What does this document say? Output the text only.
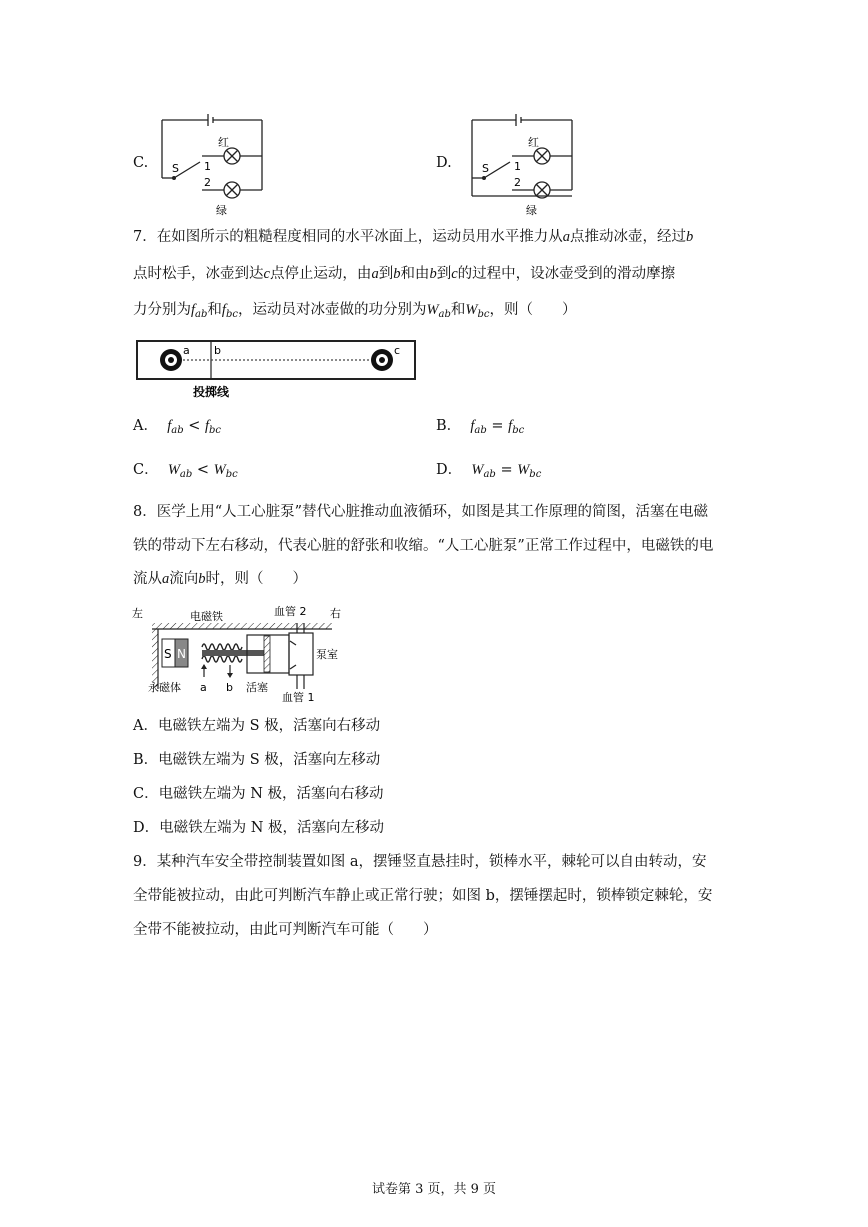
C.
红
绿
S 1
2
D.
红
绿
S 1
2
7．在如图所示的粗糙程度相同的水平冰面上，运动员用水平推力从a点推动冰壶，经过b
点时松手，冰壶到达c点停止运动，由a到b和由b到c的过程中，设冰壶受到的滑动摩擦
力分别为$f_{ab}$和$f_{bc}$，运动员对冰壶做的功分别为$W_{ab}$和$W_{bc}$，则（　　）
a b	c
投掷线
A． $f_{ab} < f_{bc}$	B． $f_{ab} = f_{bc}$
C． $W_{ab} < W_{bc}$	D． $W_{ab} = W_{bc}$
8．医学上用“人工心脏泵”替代心脏推动血液循环，如图是其工作原理的简图，活塞在电磁
铁的带动下左右移动，代表心脏的舒张和收缩。“人工心脏泵”正常工作过程中，电磁铁的电
流从a流向b时，则（　　）
S N
左	右
电磁铁	血管 2
泵室
永磁体 a b 活塞
血管 1
A．电磁铁左端为 S 极，活塞向右移动
B．电磁铁左端为 S 极，活塞向左移动
C．电磁铁左端为 N 极，活塞向右移动
D．电磁铁左端为 N 极，活塞向左移动
9．某种汽车安全带控制装置如图 a，摆锤竖直悬挂时，锁棒水平，棘轮可以自由转动，安
全带能被拉动，由此可判断汽车静止或正常行驶；如图 b，摆锤摆起时，锁棒锁定棘轮，安
全带不能被拉动，由此可判断汽车可能（　　）
试卷第 3 页，共 9 页
